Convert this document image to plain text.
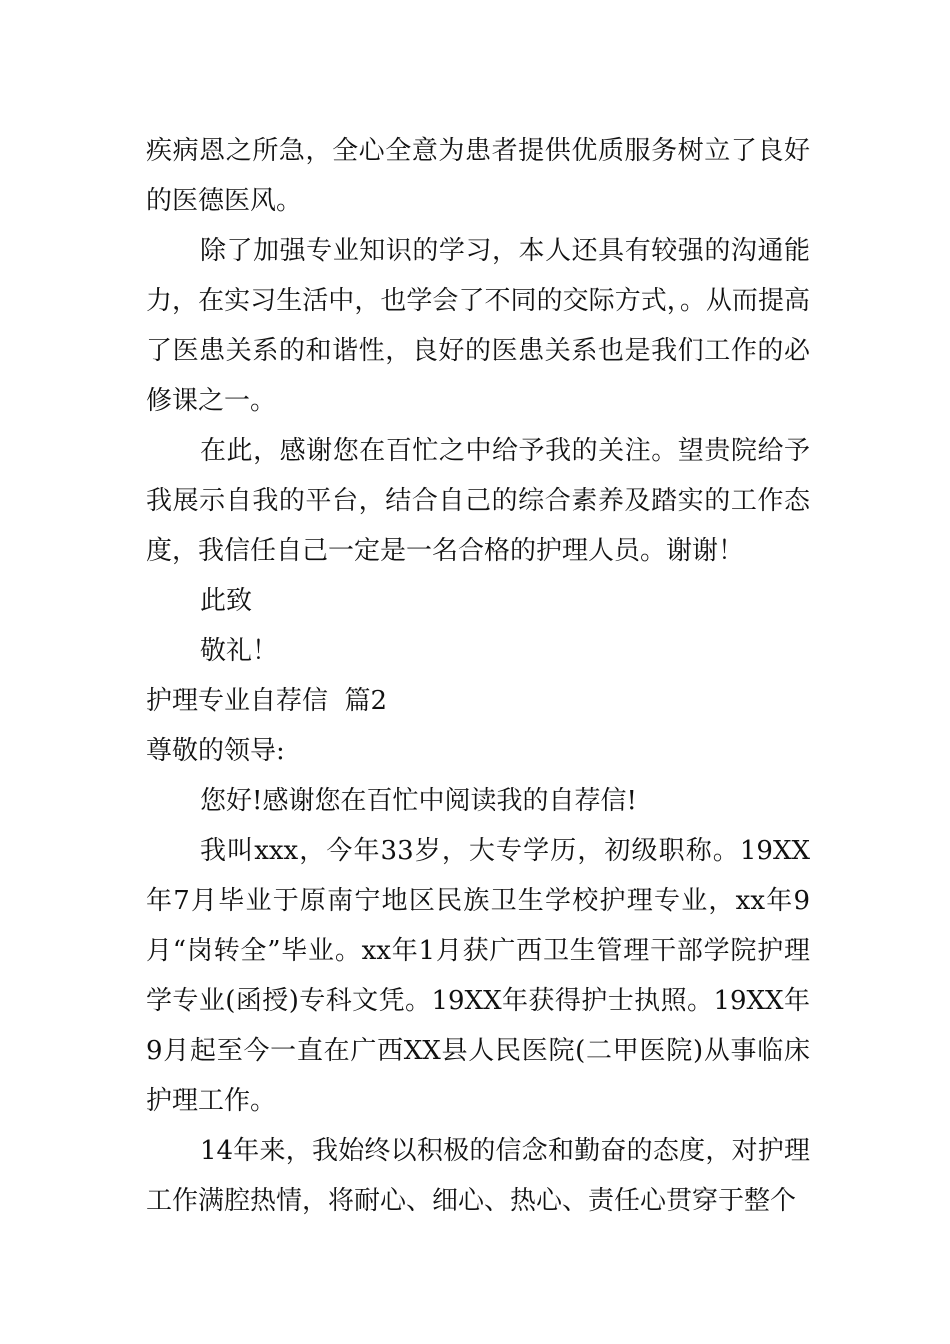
疾病恩之所急，全心全意为患者提供优质服务树立了良好的医德医风。

除了加强专业知识的学习，本人还具有较强的沟通能力，在实习生活中，也学会了不同的交际方式，。从而提高了医患关系的和谐性，良好的医患关系也是我们工作的必修课之一。

在此，感谢您在百忙之中给予我的关注。望贵院给予我展示自我的平台，结合自己的综合素养及踏实的工作态度，我信任自己一定是一名合格的护理人员。谢谢！

此致

敬礼！

护理专业自荐信  篇2

尊敬的领导:

您好!感谢您在百忙中阅读我的自荐信!

我叫xxx，今年33岁，大专学历，初级职称。19XX年7月毕业于原南宁地区民族卫生学校护理专业，xx年9月“岗转全”毕业。xx年1月获广西卫生管理干部学院护理学专业(函授)专科文凭。19XX年获得护士执照。19XX年9月起至今一直在广西XX县人民医院(二甲医院)从事临床护理工作。

14年来，我始终以积极的信念和勤奋的态度，对护理工作满腔热情，将耐心、细心、热心、责任心贯穿于整个
